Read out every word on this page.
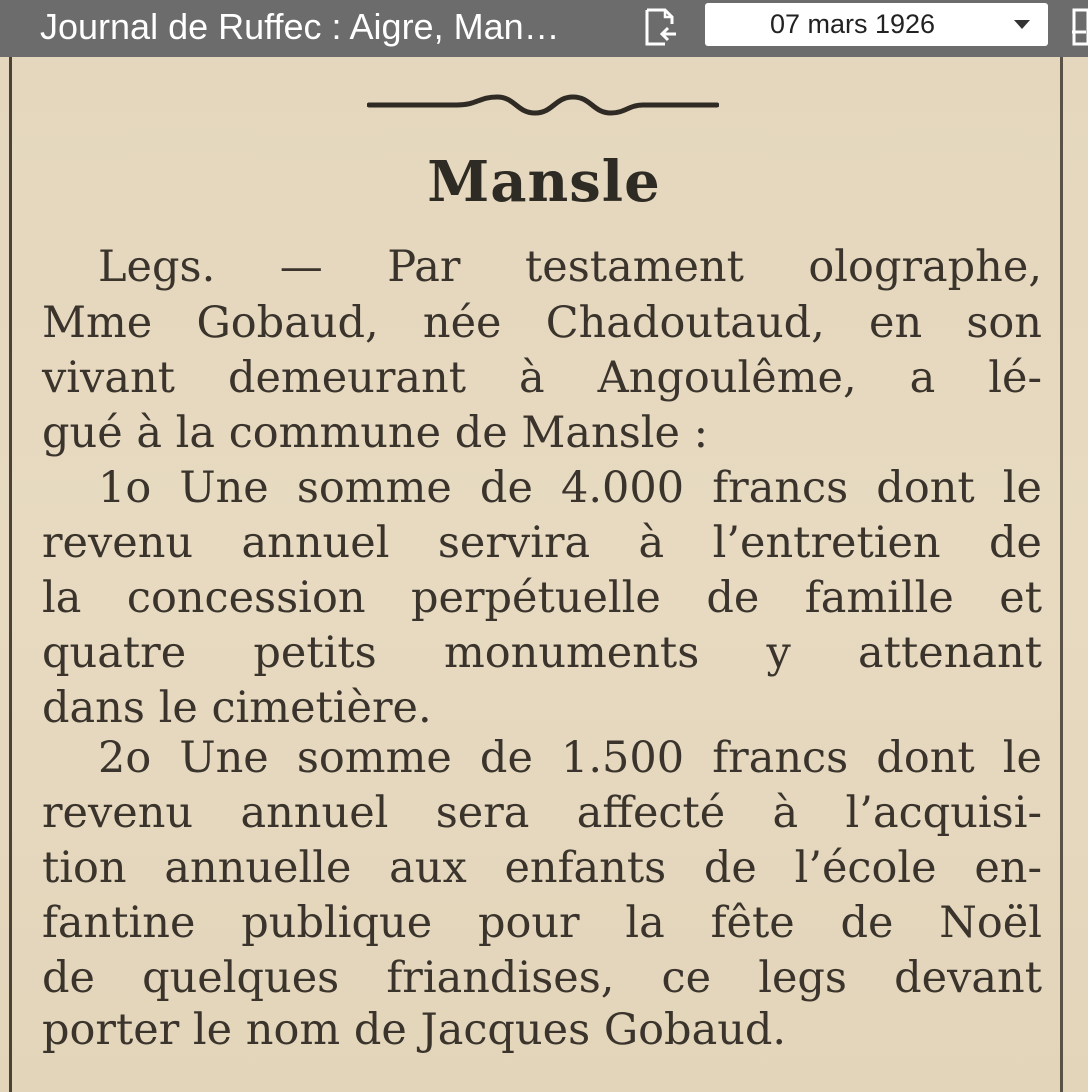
Journal de Ruffec : Aigre, Man…	07 mars 1926
Mansle
Legs. — Par testament olographe,
Mme Gobaud, née Chadoutaud, en son
vivant demeurant à Angoulême, a lé-
gué à la commune de Mansle :
1o Une somme de 4.000 francs dont le
revenu annuel servira à l’entretien de
la concession perpétuelle de famille et
quatre petits monuments y attenant
dans le cimetière.
2o Une somme de 1.500 francs dont le
revenu annuel sera affecté à l’acquisi-
tion annuelle aux enfants de l’école en-
fantine publique pour la fête de Noël
de quelques friandises, ce legs devant
porter le nom de Jacques Gobaud.
